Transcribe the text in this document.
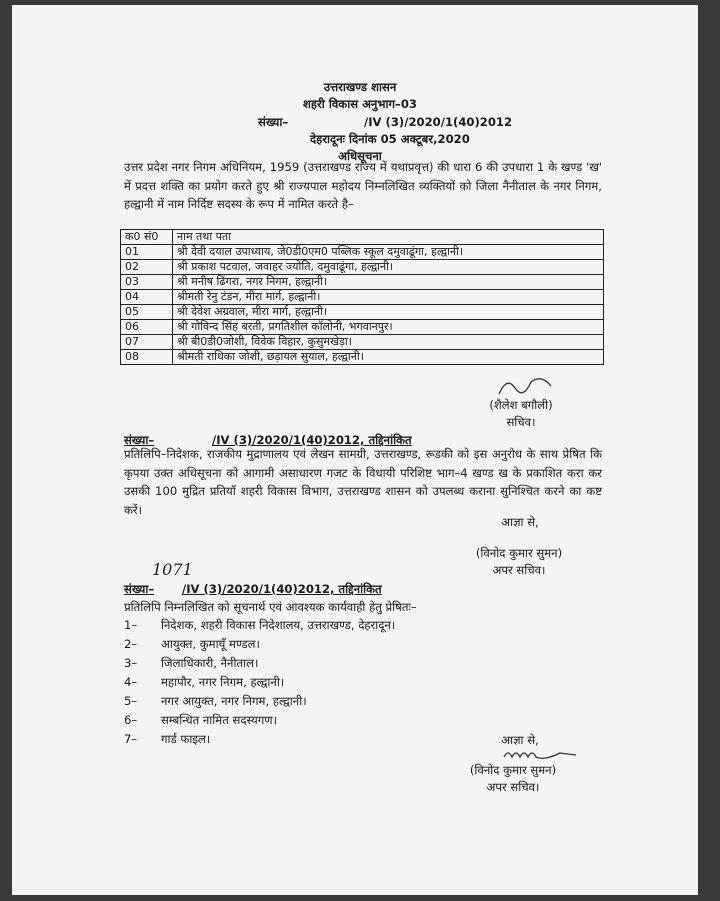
उत्तराखण्ड शासन
शहरी विकास अनुभाग–03
संख्या–	/IV (3)/2020/1(40)2012
देहरादूनः दिनांक 05 अक्टूबर,2020
अधिसूचना
उत्तर प्रदेश नगर निगम अधिनियम, 1959 (उत्तराखण्ड राज्य में यथाप्रवृत्त) की धारा 6 की उपधारा 1 के खण्ड 'ख' में प्रदत्त शक्ति का प्रयोग करते हुए श्री राज्यपाल महोदय निम्नलिखित व्यक्तियों को जिला नैनीताल के नगर निगम, हल्द्वानी में नाम निर्दिष्ट सदस्य के रूप में नामित करते है–
क0 सं0	नाम तथा पता
01	श्री देवी दयाल उपाध्याय, जे0डी0एम0 पब्लिक स्कूल दमुवाढूंगा, हल्द्वानी।
02	श्री प्रकाश पटवाल, जवाहर ज्योति, दमुवाढूंगा, हल्द्वानी।
03	श्री मनीष ढिंगरा, नगर निगम, हल्द्वानी।
04	श्रीमती रेनु टंडन, मीरा मार्ग, हल्द्वानी।
05	श्री देवेश अग्रवाल, मीरा मार्ग, हल्द्वानी।
06	श्री गोविन्द सिंह बरती, प्रगतिशील कॉलोनी, भगवानपुर।
07	श्री बी0डी0जोशी, विवेक विहार, कुसुमखेड़ा।
08	श्रीमती राधिका जोशी, छड़ायल सुयाल, हल्द्वानी।
(शैलेश बगौली)
सचिव।
संख्या–	/IV (3)/2020/1(40)2012, तद्दिनांकित
प्रतिलिपि–निदेशक, राजकीय मुद्राणालय एवं लेखन सामग्री, उत्तराखण्ड, रूडकी को इस अनुरोध के साथ प्रेषित कि कृपया उक्त अधिसूचना को आगामी असाधारण गजट के विधायी परिशिष्ट भाग–4 खण्ड ख के प्रकाशित करा कर उसकी 100 मुद्रित प्रतियॉ शहरी विकास विभाग, उत्तराखण्ड शासन को उपलब्ध कराना सुनिश्चित करने का कष्ट करें।
आज्ञा से,
(विनोद कुमार सुमन)
अपर सचिव।
1071
संख्या– /IV (3)/2020/1(40)2012, तद्दिनांकित
प्रतिलिपि निम्नलिखित को सूचनार्थ एवं आवश्यक कार्यवाही हेतु प्रेषितः–
1– निदेशक, शहरी विकास निदेशालय, उत्तराखण्ड, देहरादून।
2– आयुक्त, कुमायूँ मण्डल।
3– जिलाधिकारी, नैनीताल।
4– महापौर, नगर निगम, हल्द्वानी।
5– नगर आयुक्त, नगर निगम, हल्द्वानी।
6– सम्बन्धित नामित सदस्यगण।
7– गार्ड फाइल।	आज्ञा से,
(विनोद कुमार सुमन)
अपर सचिव।
